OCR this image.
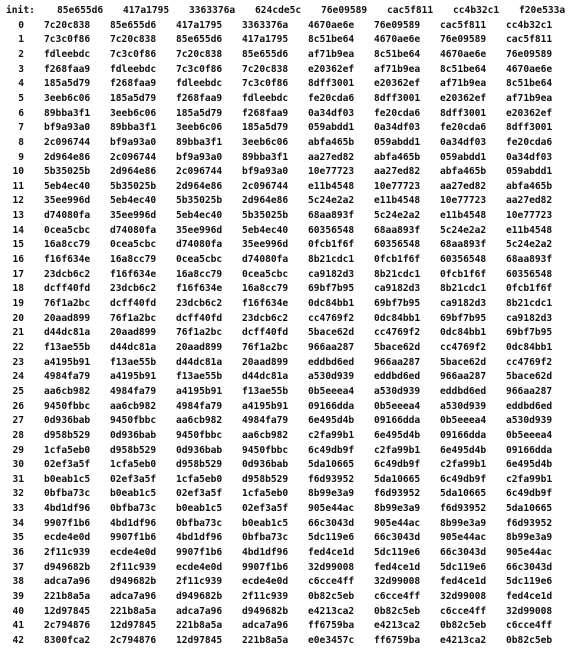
init: 85e655d6 417a1795 3363376a 624cde5c 76e09589 cac5f811 cc4b32c1 f20e533a
0 7c20c838 85e655d6 417a1795 3363376a 4670ae6e 76e09589 cac5f811 cc4b32c1
1 7c3c0f86 7c20c838 85e655d6 417a1795 8c51be64 4670ae6e 76e09589 cac5f811
2 fdleebdc 7c3c0f86 7c20c838 85e655d6 af71b9ea 8c51be64 4670ae6e 76e09589
3 f268faa9 fdleebdc 7c3c0f86 7c20c838 e20362ef af71b9ea 8c51be64 4670ae6e
4 185a5d79 f268faa9 fdleebdc 7c3c0f86 8dff3001 e20362ef af71b9ea 8c51be64
5 3eeb6c06 185a5d79 f268faa9 fdleebdc fe20cda6 8dff3001 e20362ef af71b9ea
6 89bba3f1 3eeb6c06 185a5d79 f268faa9 0a34df03 fe20cda6 8dff3001 e20362ef
7 bf9a93a0 89bba3f1 3eeb6c06 185a5d79 059abdd1 0a34df03 fe20cda6 8dff3001
8 2c096744 bf9a93a0 89bba3f1 3eeb6c06 abfa465b 059abdd1 0a34df03 fe20cda6
9 2d964e86 2c096744 bf9a93a0 89bba3f1 aa27ed82 abfa465b 059abdd1 0a34df03
10 5b35025b 2d964e86 2c096744 bf9a93a0 10e77723 aa27ed82 abfa465b 059abdd1
11 5eb4ec40 5b35025b 2d964e86 2c096744 e11b4548 10e77723 aa27ed82 abfa465b
12 35ee996d 5eb4ec40 5b35025b 2d964e86 5c24e2a2 e11b4548 10e77723 aa27ed82
13 d74080fa 35ee996d 5eb4ec40 5b35025b 68aa893f 5c24e2a2 e11b4548 10e77723
14 0cea5cbc d74080fa 35ee996d 5eb4ec40 60356548 68aa893f 5c24e2a2 e11b4548
15 16a8cc79 0cea5cbc d74080fa 35ee996d 0fcb1f6f 60356548 68aa893f 5c24e2a2
16 f16f634e 16a8cc79 0cea5cbc d74080fa 8b21cdc1 0fcb1f6f 60356548 68aa893f
17 23dcb6c2 f16f634e 16a8cc79 0cea5cbc ca9182d3 8b21cdc1 0fcb1f6f 60356548
18 dcff40fd 23dcb6c2 f16f634e 16a8cc79 69bf7b95 ca9182d3 8b21cdc1 0fcb1f6f
19 76f1a2bc dcff40fd 23dcb6c2 f16f634e 0dc84bb1 69bf7b95 ca9182d3 8b21cdc1
20 20aad899 76f1a2bc dcff40fd 23dcb6c2 cc4769f2 0dc84bb1 69bf7b95 ca9182d3
21 d44dc81a 20aad899 76f1a2bc dcff40fd 5bace62d cc4769f2 0dc84bb1 69bf7b95
22 f13ae55b d44dc81a 20aad899 76f1a2bc 966aa287 5bace62d cc4769f2 0dc84bb1
23 a4195b91 f13ae55b d44dc81a 20aad899 eddbd6ed 966aa287 5bace62d cc4769f2
24 4984fa79 a4195b91 f13ae55b d44dc81a a530d939 eddbd6ed 966aa287 5bace62d
25 aa6cb982 4984fa79 a4195b91 f13ae55b 0b5eeea4 a530d939 eddbd6ed 966aa287
26 9450fbbc aa6cb982 4984fa79 a4195b91 09166dda 0b5eeea4 a530d939 eddbd6ed
27 0d936bab 9450fbbc aa6cb982 4984fa79 6e495d4b 09166dda 0b5eeea4 a530d939
28 d958b529 0d936bab 9450fbbc aa6cb982 c2fa99b1 6e495d4b 09166dda 0b5eeea4
29 1cfa5eb0 d958b529 0d936bab 9450fbbc 6c49db9f c2fa99b1 6e495d4b 09166dda
30 02ef3a5f 1cfa5eb0 d958b529 0d936bab 5da10665 6c49db9f c2fa99b1 6e495d4b
31 b0eab1c5 02ef3a5f 1cfa5eb0 d958b529 f6d93952 5da10665 6c49db9f c2fa99b1
32 0bfba73c b0eab1c5 02ef3a5f 1cfa5eb0 8b99e3a9 f6d93952 5da10665 6c49db9f
33 4bd1df96 0bfba73c b0eab1c5 02ef3a5f 905e44ac 8b99e3a9 f6d93952 5da10665
34 9907f1b6 4bd1df96 0bfba73c b0eab1c5 66c3043d 905e44ac 8b99e3a9 f6d93952
35 ecde4e0d 9907f1b6 4bd1df96 0bfba73c 5dc119e6 66c3043d 905e44ac 8b99e3a9
36 2f11c939 ecde4e0d 9907f1b6 4bd1df96 fed4ce1d 5dc119e6 66c3043d 905e44ac
37 d949682b 2f11c939 ecde4e0d 9907f1b6 32d99008 fed4ce1d 5dc119e6 66c3043d
38 adca7a96 d949682b 2f11c939 ecde4e0d c6cce4ff 32d99008 fed4ce1d 5dc119e6
39 221b8a5a adca7a96 d949682b 2f11c939 0b82c5eb c6cce4ff 32d99008 fed4ce1d
40 12d97845 221b8a5a adca7a96 d949682b e4213ca2 0b82c5eb c6cce4ff 32d99008
41 2c794876 12d97845 221b8a5a adca7a96 ff6759ba e4213ca2 0b82c5eb c6cce4ff
42 8300fca2 2c794876 12d97845 221b8a5a e0e3457c ff6759ba e4213ca2 0b82c5eb
